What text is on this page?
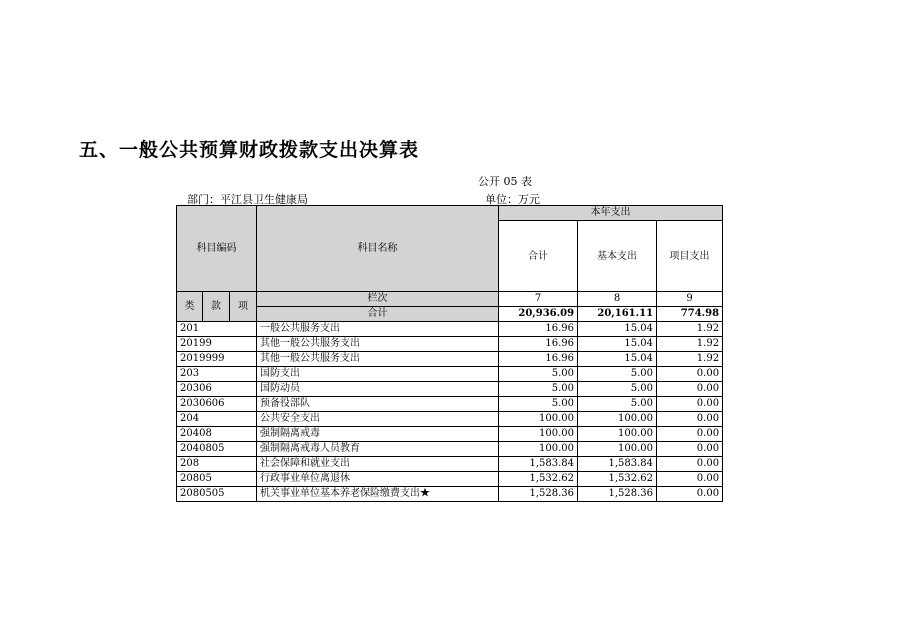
五、一般公共预算财政拨款支出决算表
公开 05 表
部门：平江县卫生健康局	单位：万元
科目编码			科目名称	本年支出		
				合计	基本支出	项目支出
类	款	项	栏次	7	8	9
			合计	20,936.09	20,161.11	774.98
201			一般公共服务支出	16.96	15.04	1.92
20199			其他一般公共服务支出	16.96	15.04	1.92
2019999			其他一般公共服务支出	16.96	15.04	1.92
203			国防支出	5.00	5.00	0.00
20306			国防动员	5.00	5.00	0.00
2030606			预备役部队	5.00	5.00	0.00
204			公共安全支出	100.00	100.00	0.00
20408			强制隔离戒毒	100.00	100.00	0.00
2040805			强制隔离戒毒人员教育	100.00	100.00	0.00
208			社会保障和就业支出	1,583.84	1,583.84	0.00
20805			行政事业单位离退休	1,532.62	1,532.62	0.00
2080505			机关事业单位基本养老保险缴费支出★	1,528.36	1,528.36	0.00
